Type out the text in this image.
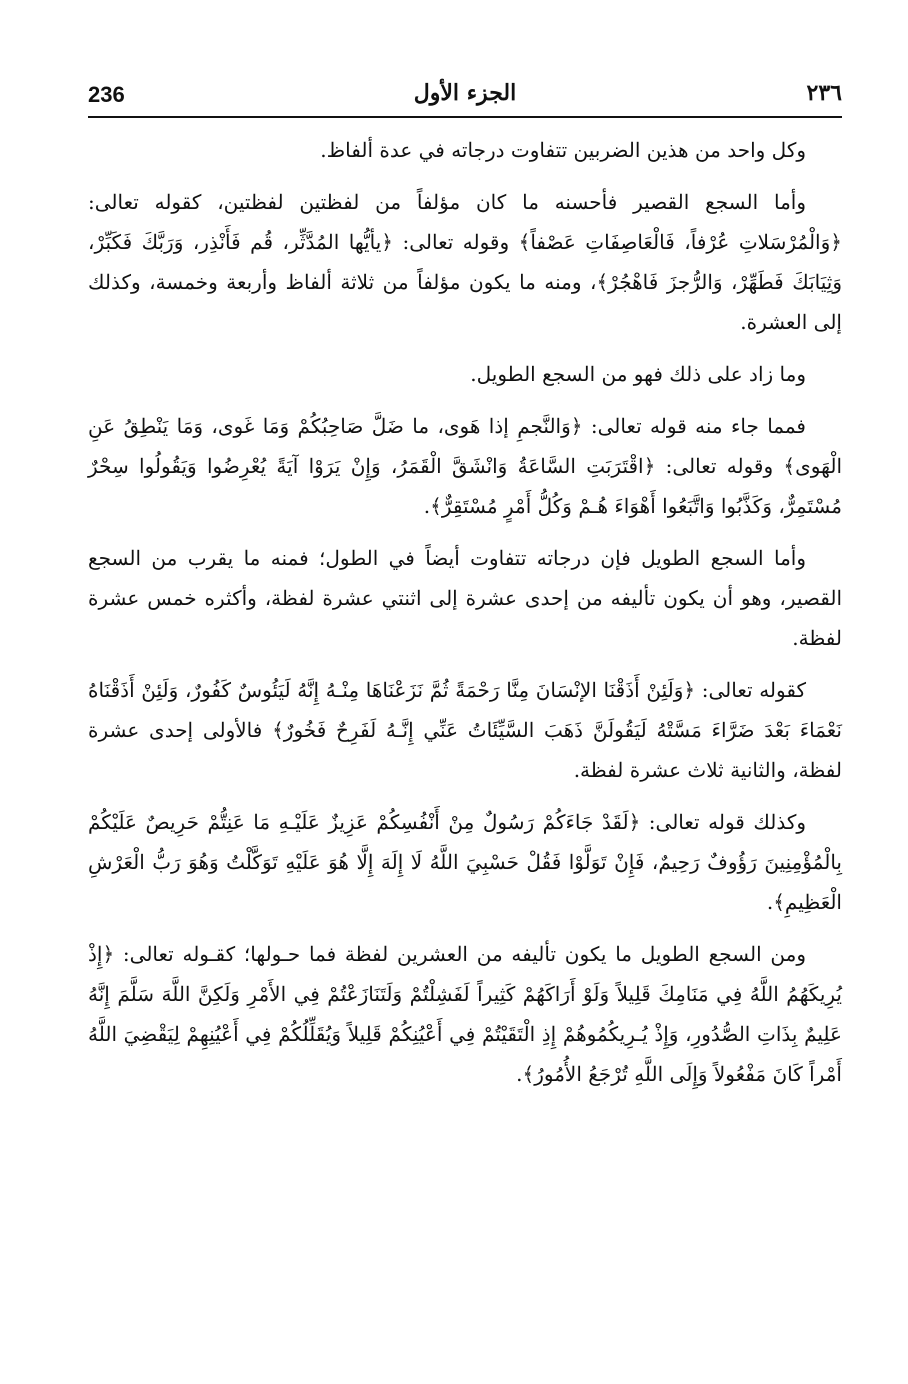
236	الجزء الأول	٢٣٦

وكل واحد من هذين الضربين تتفاوت درجاته في عدة ألفاظ.

وأما السجع القصير فأحسنه ما كان مؤلفاً من لفظتين لفظتين، كقوله تعالى: ﴿وَالْمُرْسَلاتِ عُرْفاً، فَالْعَاصِفَاتِ عَصْفاً﴾ وقوله تعالى: ﴿يأيُّها المُدَّثِّر، قُم فَأَنْذِر، وَرَبَّكَ فَكَبِّرْ، وَثِيَابَكَ فَطَهِّرْ، وَالرُّجزَ فَاهْجُرْ﴾، ومنه ما يكون مؤلفاً من ثلاثة ألفاظ وأربعة وخمسة، وكذلك إلى العشرة.

وما زاد على ذلك فهو من السجع الطويل.

فمما جاء منه قوله تعالى: ﴿وَالنَّجمِ إذا هَوى، ما ضَلَّ صَاحِبُكُمْ وَمَا غَوى، وَمَا يَنْطِقُ عَنِ الْهَوى﴾ وقوله تعالى: ﴿اقْتَرَبَتِ السَّاعَةُ وَانْشَقَّ الْقَمَرُ، وَإِنْ يَرَوْا آيَةً يُعْرِضُوا وَيَقُولُوا سِحْرٌ مُسْتَمِرٌّ، وَكَذَّبُوا وَاتَّبَعُوا أَهْوَاءَ هُـمْ وَكُلُّ أَمْرٍ مُسْتَقِرٌّ﴾.

وأما السجع الطويل فإن درجاته تتفاوت أيضاً في الطول؛ فمنه ما يقرب من السجع القصير، وهو أن يكون تأليفه من إحدى عشرة إلى اثنتي عشرة لفظة، وأكثره خمس عشرة لفظة.

كقوله تعالى: ﴿وَلَئِنْ أَذَقْنَا الإنْسَانَ مِنَّا رَحْمَةً ثُمَّ نَزَعْنَاهَا مِنْـهُ إِنَّهُ لَيَئُوسٌ كَفُورٌ، وَلَئِنْ أَذَقْنَاهُ نَعْمَاءَ بَعْدَ ضَرَّاءَ مَسَّتْهُ لَيَقُولَنَّ ذَهَبَ السَّيِّئَاتُ عَنِّي إِنَّـهُ لَفَرِحٌ فَخُورٌ﴾ فالأولى إحدى عشرة لفظة، والثانية ثلاث عشرة لفظة.

وكذلك قوله تعالى: ﴿لَقَدْ جَاءَكُمْ رَسُولٌ مِنْ أَنْفُسِكُمْ عَزِيزٌ عَلَيْـهِ مَا عَنِتُّمْ حَرِيصٌ عَلَيْكُمْ بِالْمُؤْمِنِينَ رَؤُوفٌ رَحِيمٌ، فَإِنْ تَوَلَّوْا فَقُلْ حَسْبِيَ اللَّهُ لَا إِلَهَ إِلَّا هُوَ عَلَيْهِ تَوَكَّلْتُ وَهُوَ رَبُّ الْعَرْشِ الْعَظِيمِ﴾.

ومن السجع الطويل ما يكون تأليفه من العشرين لفظة فما حـولها؛ كقـوله تعالى: ﴿إِذْ يُرِيكَهُمُ اللَّهُ فِي مَنَامِكَ قَلِيلاً وَلَوْ أَرَاكَهُمْ كَثِيراً لَفَشِلْتُمْ وَلَتَنَازَعْتُمْ فِي الأَمْرِ وَلَكِنَّ اللَّهَ سَلَّمَ إِنَّهُ عَلِيمٌ بِذَاتِ الصُّدُورِ، وَإِذْ يُـرِيكُمُوهُمْ إِذِ الْتَقَيْتُمْ فِي أَعْيُنِكُمْ قَلِيلاً وَيُقَلِّلُكُمْ فِي أَعْيُنِهِمْ لِيَقْضِيَ اللَّهُ أَمْراً كَانَ مَفْعُولاً وَإِلَى اللَّهِ تُرْجَعُ الأُمُورُ﴾.
